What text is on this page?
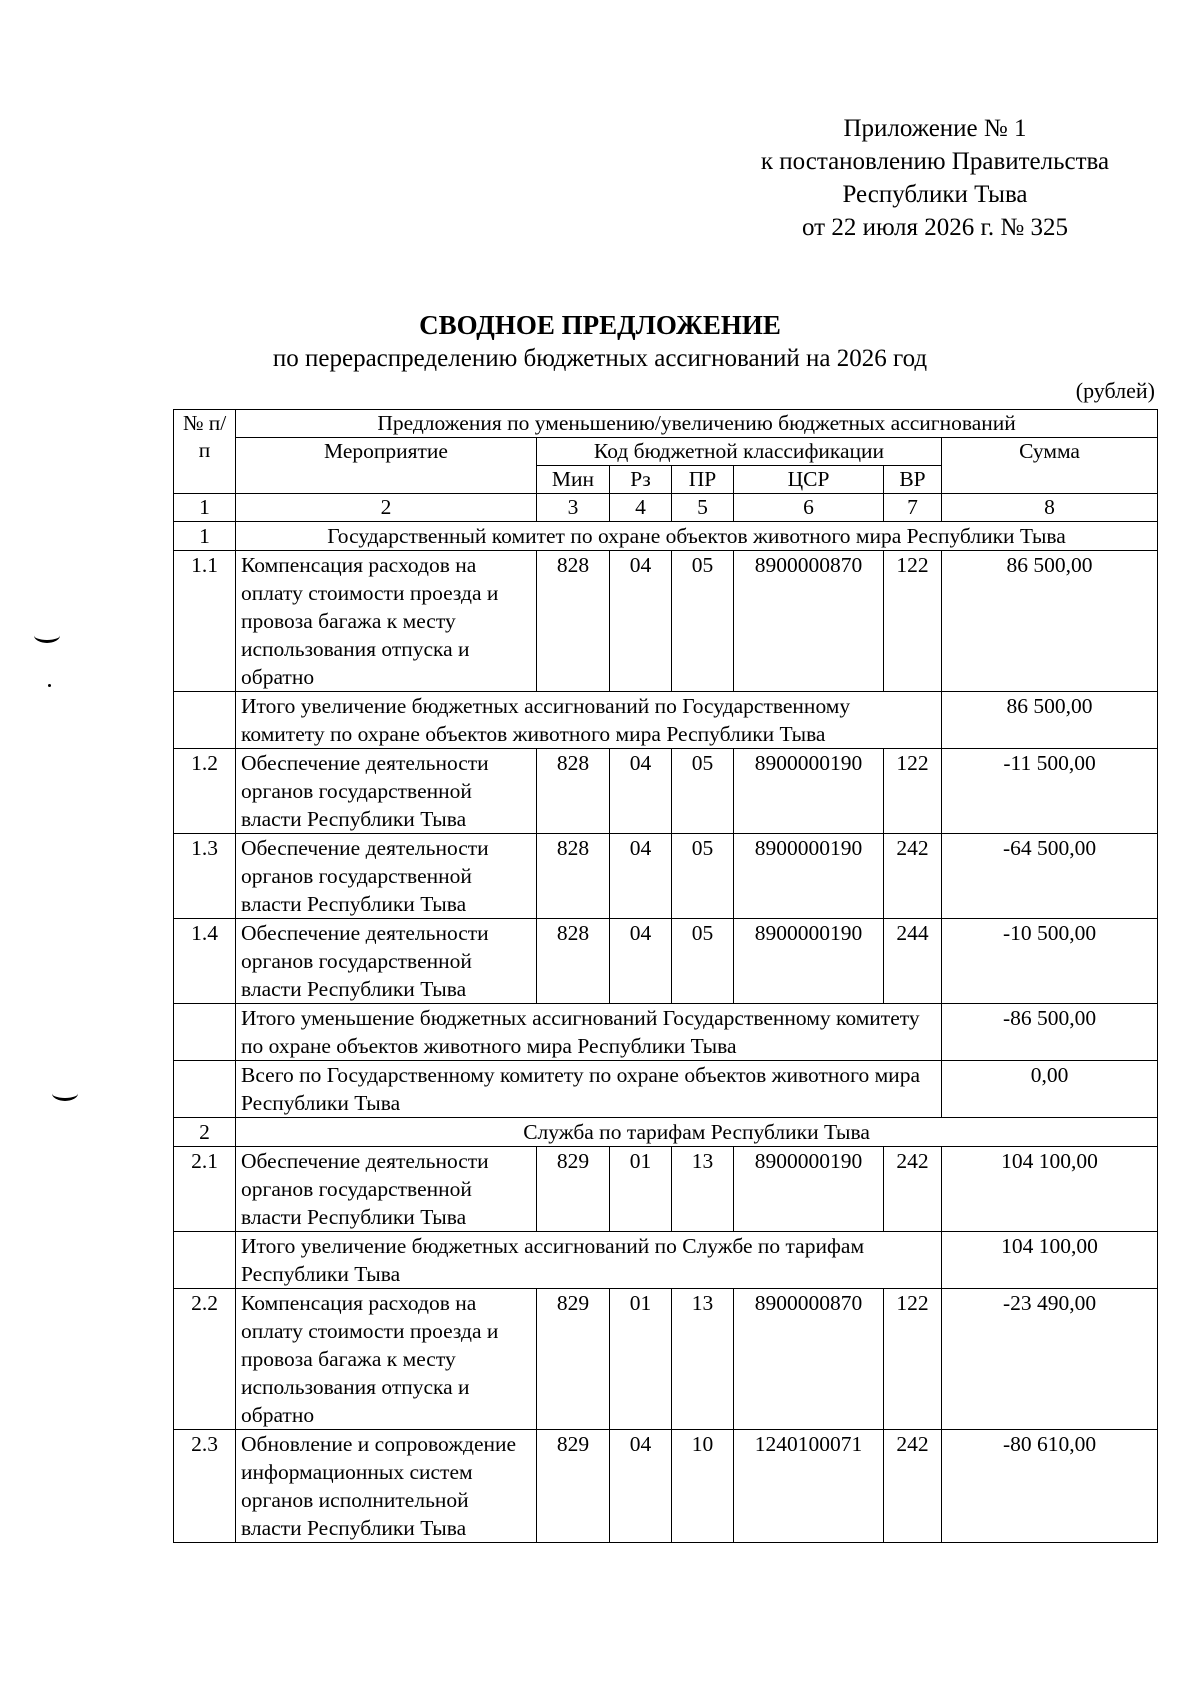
Приложение № 1
к постановлению Правительства
Республики Тыва
от 22 июля 2026 г. № 325
СВОДНОЕ ПРЕДЛОЖЕНИЕ
по перераспределению бюджетных ассигнований на 2026 год
(рублей)
№ п/п	Предложения по уменьшению/увеличению бюджетных ассигнований						
	Мероприятие	Код бюджетной классификации					Сумма
		Мин	Рз	ПР	ЦСР	ВР	
1	2	3	4	5	6	7	8
1	Государственный комитет по охране объектов животного мира Республики Тыва						
1.1	Компенсация расходов на оплату стоимости проезда и провоза багажа к месту использования отпуска и обратно	828	04	05	8900000870	122	86 500,00
	Итого увеличение бюджетных ассигнований по Государственному комитету по охране объектов животного мира Республики Тыва						86 500,00
1.2	Обеспечение деятельности органов государственной власти Республики Тыва	828	04	05	8900000190	122	-11 500,00
1.3	Обеспечение деятельности органов государственной власти Республики Тыва	828	04	05	8900000190	242	-64 500,00
1.4	Обеспечение деятельности органов государственной власти Республики Тыва	828	04	05	8900000190	244	-10 500,00
	Итого уменьшение бюджетных ассигнований Государственному комитету по охране объектов животного мира Республики Тыва						-86 500,00
	Всего по Государственному комитету по охране объектов животного мира Республики Тыва						0,00
2	Служба по тарифам Республики Тыва						
2.1	Обеспечение деятельности органов государственной власти Республики Тыва	829	01	13	8900000190	242	104 100,00
	Итого увеличение бюджетных ассигнований по Службе по тарифам Республики Тыва						104 100,00
2.2	Компенсация расходов на оплату стоимости проезда и провоза багажа к месту использования отпуска и обратно	829	01	13	8900000870	122	-23 490,00
2.3	Обновление и сопровождение информационных систем органов исполнительной власти Республики Тыва	829	04	10	1240100071	242	-80 610,00
